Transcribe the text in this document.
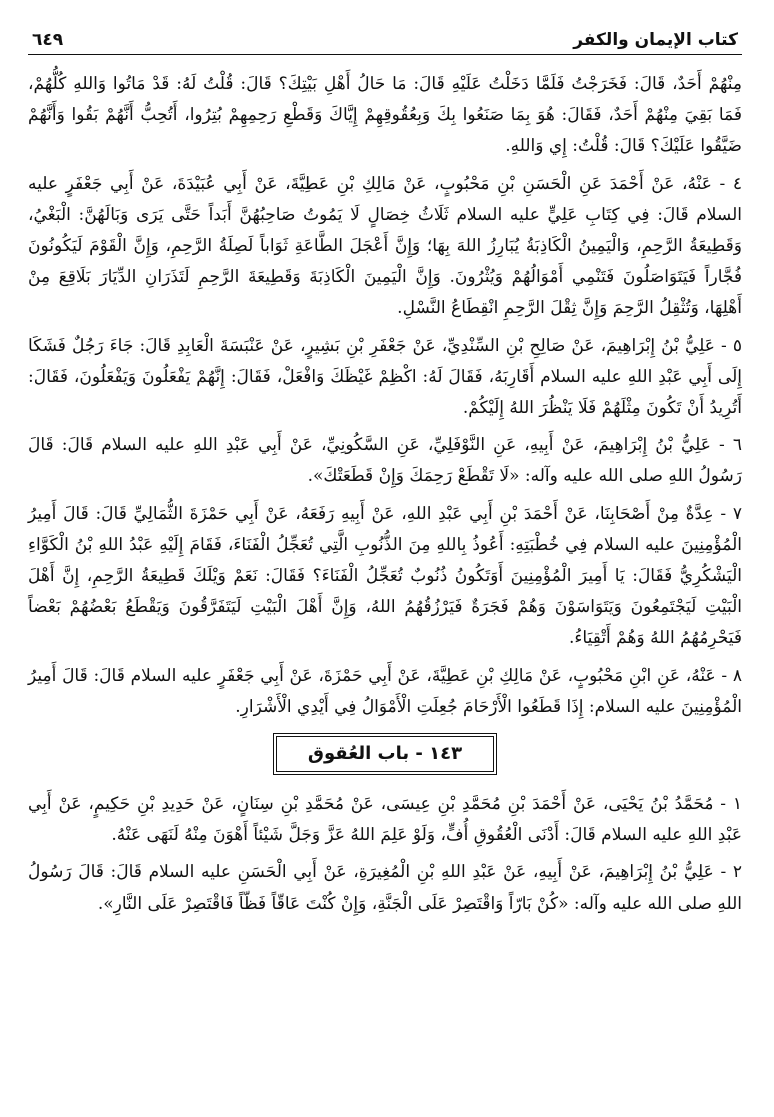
كتاب الإيمان والكفر
٦٤٩

مِنْهُمْ أَحَدٌ، قَالَ: فَخَرَجْتُ فَلَمَّا دَخَلْتُ عَلَيْهِ قَالَ: مَا حَالُ أَهْلِ بَيْتِكَ؟ قَالَ: قُلْتُ لَهُ: قَدْ مَاتُوا وَاللهِ كُلُّهُمْ، فَمَا بَقِيَ مِنْهُمْ أَحَدٌ، فَقَالَ: هُوَ بِمَا صَنَعُوا بِكَ وَبِعُقُوقِهِمْ إِيَّاكَ وَقَطْعِ رَحِمِهِمْ بُتِرُوا، أَتُحِبُّ أَنَّهُمْ بَقُوا وَأَنَّهُمْ ضَيَّقُوا عَلَيْكَ؟ قَالَ: قُلْتُ: إِي وَاللهِ.

٤ - عَنْهُ، عَنْ أَحْمَدَ عَنِ الْحَسَنِ بْنِ مَحْبُوبٍ، عَنْ مَالِكِ بْنِ عَطِيَّةَ، عَنْ أَبِي عُبَيْدَةَ، عَنْ أَبِي جَعْفَرٍ عليه السلام قَالَ: فِي كِتَابِ عَلِيٍّ عليه السلام ثَلَاثُ خِصَالٍ لَا يَمُوتُ صَاحِبُهُنَّ أَبَداً حَتَّى يَرَى وَبَالَهُنَّ: الْبَغْيُ، وَقَطِيعَةُ الرَّحِمِ، وَالْيَمِينُ الْكَاذِبَةُ يُبَارِزُ اللهَ بِهَا؛ وَإِنَّ أَعْجَلَ الطَّاعَةِ ثَوَاباً لَصِلَةُ الرَّحِمِ، وَإِنَّ الْقَوْمَ لَيَكُونُونَ فُجَّاراً فَيَتَوَاصَلُونَ فَتَنْمِي أَمْوَالُهُمْ وَيُثْرُونَ. وَإِنَّ الْيَمِينَ الْكَاذِبَةَ وَقَطِيعَةَ الرَّحِمِ لَتَذَرَانِ الدِّيَارَ بَلَاقِعَ مِنْ أَهْلِهَا، وَتُثْقِلُ الرَّحِمَ وَإِنَّ ثِقْلَ الرَّحِمِ انْقِطَاعُ النَّسْلِ.

٥ - عَلِيُّ بْنُ إِبْرَاهِيمَ، عَنْ صَالِحِ بْنِ السِّنْدِيِّ، عَنْ جَعْفَرِ بْنِ بَشِيرٍ، عَنْ عَنْبَسَةَ الْعَابِدِ قَالَ: جَاءَ رَجُلٌ فَشَكَا إِلَى أَبِي عَبْدِ اللهِ عليه السلام أَقَارِبَهُ، فَقَالَ لَهُ: اكْظِمْ غَيْظَكَ وَافْعَلْ، فَقَالَ: إِنَّهُمْ يَفْعَلُونَ وَيَفْعَلُونَ، فَقَالَ: أَتُرِيدُ أَنْ تَكُونَ مِثْلَهُمْ فَلَا يَنْظُرَ اللهُ إِلَيْكُمْ.

٦ - عَلِيُّ بْنُ إِبْرَاهِيمَ، عَنْ أَبِيهِ، عَنِ النَّوْفَلِيِّ، عَنِ السَّكُونِيِّ، عَنْ أَبِي عَبْدِ اللهِ عليه السلام قَالَ: قَالَ رَسُولُ اللهِ صلى الله عليه وآله: «لَا تَقْطَعْ رَحِمَكَ وَإِنْ قَطَعَتْكَ».

٧ - عِدَّةٌ مِنْ أَصْحَابِنَا، عَنْ أَحْمَدَ بْنِ أَبِي عَبْدِ اللهِ، عَنْ أَبِيهِ رَفَعَهُ، عَنْ أَبِي حَمْزَةَ الثُّمَالِيِّ قَالَ: قَالَ أَمِيرُ الْمُؤْمِنِينَ عليه السلام فِي خُطْبَتِهِ: أَعُوذُ بِاللهِ مِنَ الذُّنُوبِ الَّتِي تُعَجِّلُ الْفَنَاءَ، فَقَامَ إِلَيْهِ عَبْدُ اللهِ بْنُ الْكَوَّاءِ الْيَشْكُرِيُّ فَقَالَ: يَا أَمِيرَ الْمُؤْمِنِينَ أَوَتَكُونُ ذُنُوبٌ تُعَجِّلُ الْفَنَاءَ؟ فَقَالَ: نَعَمْ وَيْلَكَ قَطِيعَةُ الرَّحِمِ، إِنَّ أَهْلَ الْبَيْتِ لَيَجْتَمِعُونَ وَيَتَوَاسَوْنَ وَهُمْ فَجَرَةٌ فَيَرْزُقُهُمُ اللهُ، وَإِنَّ أَهْلَ الْبَيْتِ لَيَتَفَرَّقُونَ وَيَقْطَعُ بَعْضُهُمْ بَعْضاً فَيَحْرِمُهُمُ اللهُ وَهُمْ أَتْقِيَاءُ.

٨ - عَنْهُ، عَنِ ابْنِ مَحْبُوبٍ، عَنْ مَالِكِ بْنِ عَطِيَّةَ، عَنْ أَبِي حَمْزَةَ، عَنْ أَبِي جَعْفَرٍ عليه السلام قَالَ: قَالَ أَمِيرُ الْمُؤْمِنِينَ عليه السلام: إِذَا قَطَعُوا الْأَرْحَامَ جُعِلَتِ الْأَمْوَالُ فِي أَيْدِي الْأَشْرَارِ.

١٤٣ - باب العُقوق

١ - مُحَمَّدُ بْنُ يَحْيَى، عَنْ أَحْمَدَ بْنِ مُحَمَّدِ بْنِ عِيسَى، عَنْ مُحَمَّدِ بْنِ سِنَانٍ، عَنْ حَدِيدِ بْنِ حَكِيمٍ، عَنْ أَبِي عَبْدِ اللهِ عليه السلام قَالَ: أَدْنَى الْعُقُوقِ أُفٍّ، وَلَوْ عَلِمَ اللهُ عَزَّ وَجَلَّ شَيْئاً أَهْوَنَ مِنْهُ لَنَهَى عَنْهُ.

٢ - عَلِيُّ بْنُ إِبْرَاهِيمَ، عَنْ أَبِيهِ، عَنْ عَبْدِ اللهِ بْنِ الْمُغِيرَةِ، عَنْ أَبِي الْحَسَنِ عليه السلام قَالَ: قَالَ رَسُولُ اللهِ صلى الله عليه وآله: «كُنْ بَارّاً وَاقْتَصِرْ عَلَى الْجَنَّةِ، وَإِنْ كُنْتَ عَاقّاً فَظّاً فَاقْتَصِرْ عَلَى النَّارِ».
